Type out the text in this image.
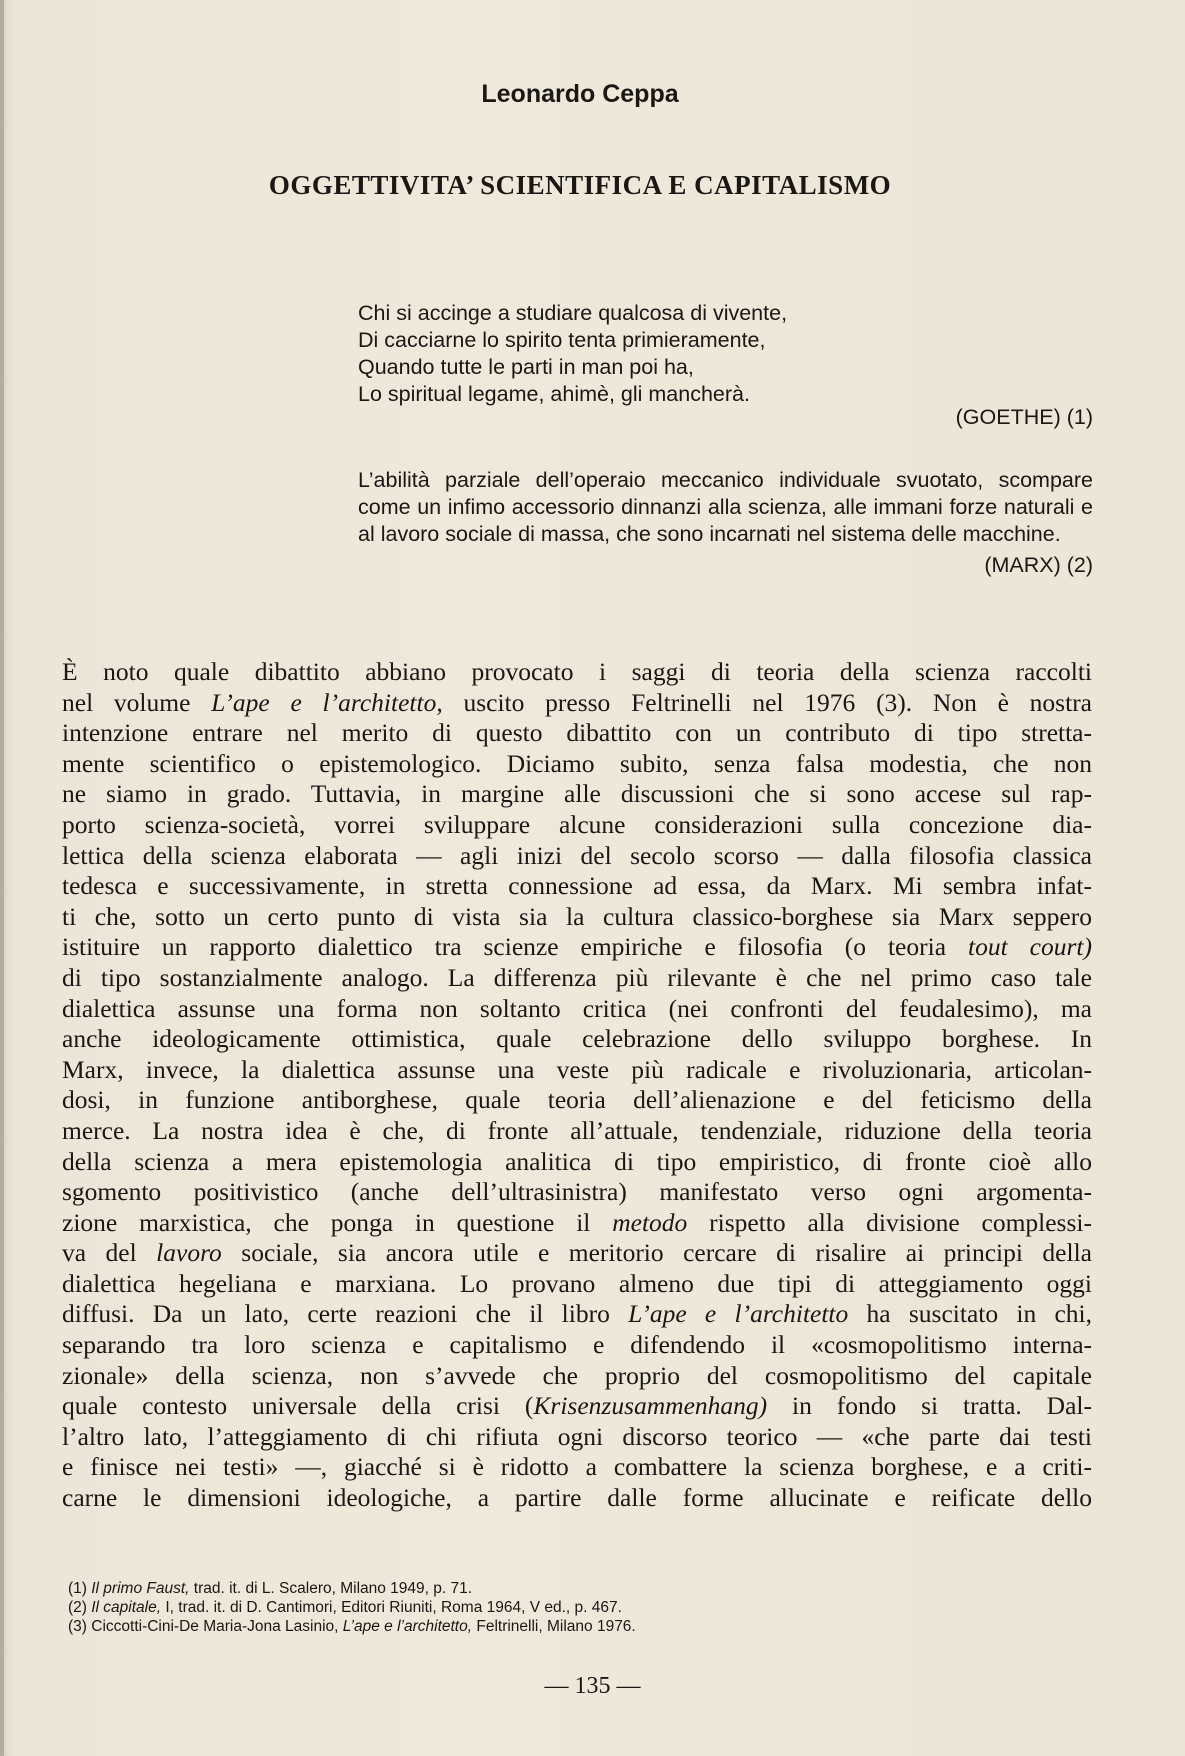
Leonardo Ceppa
OGGETTIVITA’ SCIENTIFICA E CAPITALISMO
Chi si accinge a studiare qualcosa di vivente,
Di cacciarne lo spirito tenta primieramente,
Quando tutte le parti in man poi ha,
Lo spiritual legame, ahimè, gli mancherà.
(GOETHE) (1)
L’abilità parziale dell’operaio meccanico individuale svuotato, scompare come un infimo accessorio dinnanzi alla scienza, alle immani forze naturali e al lavoro sociale di massa, che sono incarnati nel sistema delle macchine.
(MARX) (2)
È noto quale dibattito abbiano provocato i saggi di teoria della scienza raccolti
nel volume L’ape e l’architetto, uscito presso Feltrinelli nel 1976 (3). Non è nostra
intenzione entrare nel merito di questo dibattito con un contributo di tipo stretta-
mente scientifico o epistemologico. Diciamo subito, senza falsa modestia, che non
ne siamo in grado. Tuttavia, in margine alle discussioni che si sono accese sul rap-
porto scienza-società, vorrei sviluppare alcune considerazioni sulla concezione dia-
lettica della scienza elaborata — agli inizi del secolo scorso — dalla filosofia classica
tedesca e successivamente, in stretta connessione ad essa, da Marx. Mi sembra infat-
ti che, sotto un certo punto di vista sia la cultura classico-borghese sia Marx seppero
istituire un rapporto dialettico tra scienze empiriche e filosofia (o teoria tout court)
di tipo sostanzialmente analogo. La differenza più rilevante è che nel primo caso tale
dialettica assunse una forma non soltanto critica (nei confronti del feudalesimo), ma
anche ideologicamente ottimistica, quale celebrazione dello sviluppo borghese. In
Marx, invece, la dialettica assunse una veste più radicale e rivoluzionaria, articolan-
dosi, in funzione antiborghese, quale teoria dell’alienazione e del feticismo della
merce. La nostra idea è che, di fronte all’attuale, tendenziale, riduzione della teoria
della scienza a mera epistemologia analitica di tipo empiristico, di fronte cioè allo
sgomento positivistico (anche dell’ultrasinistra) manifestato verso ogni argomenta-
zione marxistica, che ponga in questione il metodo rispetto alla divisione complessi-
va del lavoro sociale, sia ancora utile e meritorio cercare di risalire ai principi della
dialettica hegeliana e marxiana. Lo provano almeno due tipi di atteggiamento oggi
diffusi. Da un lato, certe reazioni che il libro L’ape e l’architetto ha suscitato in chi,
separando tra loro scienza e capitalismo e difendendo il «cosmopolitismo interna-
zionale» della scienza, non s’avvede che proprio del cosmopolitismo del capitale
quale contesto universale della crisi (Krisenzusammenhang) in fondo si tratta. Dal-
l’altro lato, l’atteggiamento di chi rifiuta ogni discorso teorico — «che parte dai testi
e finisce nei testi» —, giacché si è ridotto a combattere la scienza borghese, e a criti-
carne le dimensioni ideologiche, a partire dalle forme allucinate e reificate dello
(1) Il primo Faust, trad. it. di L. Scalero, Milano 1949, p. 71.
(2) Il capitale, I, trad. it. di D. Cantimori, Editori Riuniti, Roma 1964, V ed., p. 467.
(3) Ciccotti-Cini-De Maria-Jona Lasinio, L’ape e l’architetto, Feltrinelli, Milano 1976.
— 135 —
